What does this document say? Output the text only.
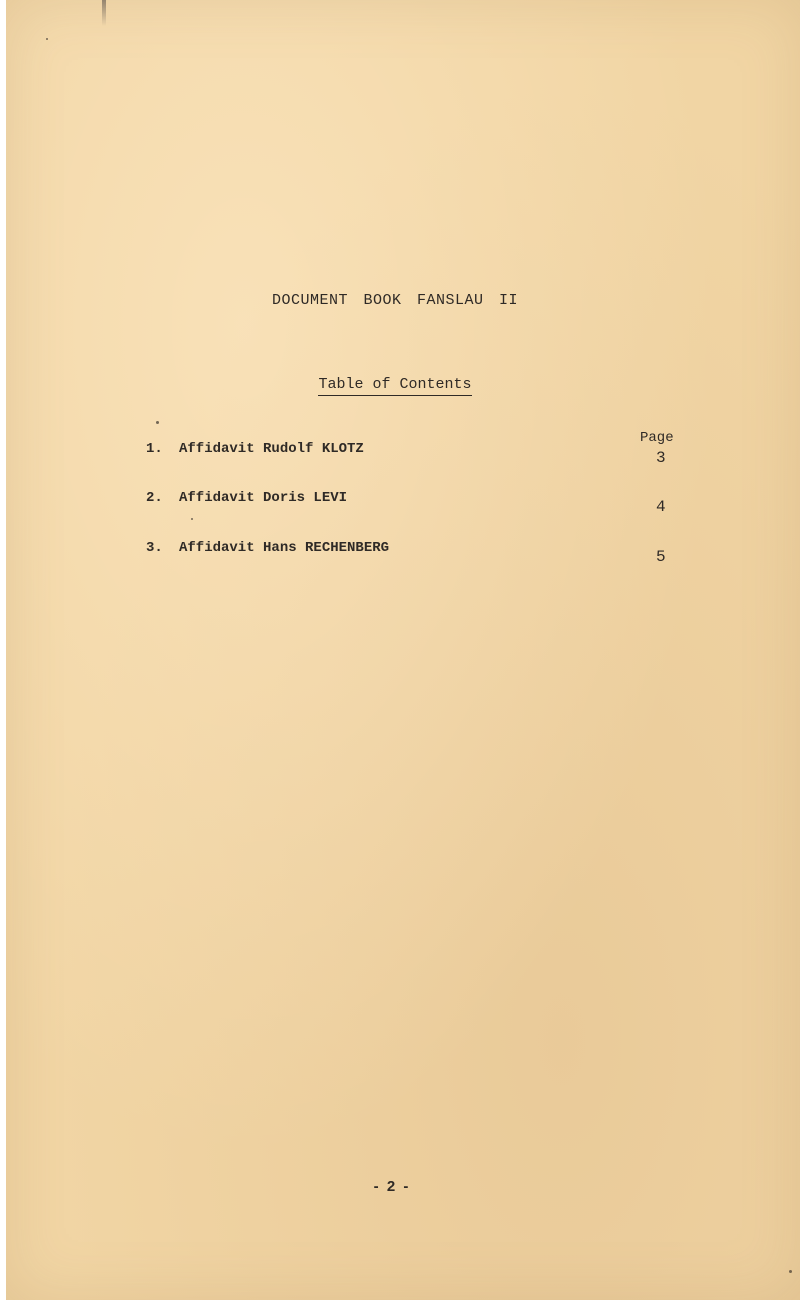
DOCUMENT BOOK FANSLAU II
Table of Contents
Page
1. Affidavit Rudolf KLOTZ	3
2. Affidavit Doris LEVI	4
3. Affidavit Hans RECHENBERG	5
- 2 -
